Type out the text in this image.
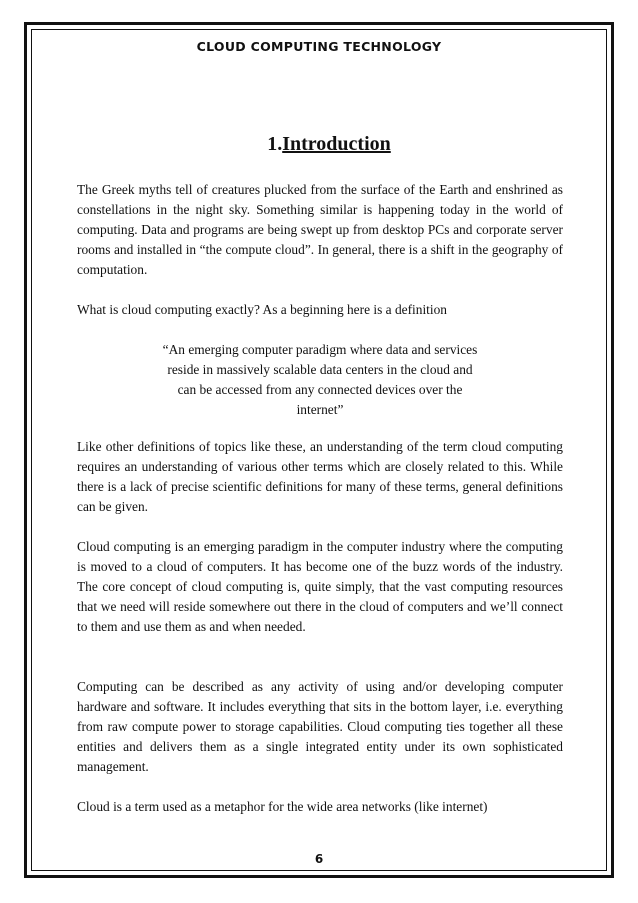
CLOUD COMPUTING TECHNOLOGY
1.Introduction

The Greek myths tell of creatures plucked from the surface of the Earth and enshrined as constellations in the night sky. Something similar is happening today in the world of computing. Data and programs are being swept up from desktop PCs and corporate server rooms and installed in “the compute cloud”. In general, there is a shift in the geography of computation.

What is cloud computing exactly? As a beginning here is a definition

“An emerging computer paradigm where data and services
reside in massively scalable data centers in the cloud and
can be accessed from any connected devices over the
internet”

Like other definitions of topics like these, an understanding of the term cloud computing requires an understanding of various other terms which are closely related to this. While there is a lack of precise scientific definitions for many of these terms, general definitions can be given.

Cloud computing is an emerging paradigm in the computer industry where the computing is moved to a cloud of computers. It has become one of the buzz words of the industry. The core concept of cloud computing is, quite simply, that the vast computing resources that we need will reside somewhere out there in the cloud of computers and we’ll connect to them and use them as and when needed.

Computing can be described as any activity of using and/or developing computer hardware and software. It includes everything that sits in the bottom layer, i.e. everything from raw compute power to storage capabilities. Cloud computing ties together all these entities and delivers them as a single integrated entity under its own sophisticated management.

Cloud is a term used as a metaphor for the wide area networks (like internet)

6
